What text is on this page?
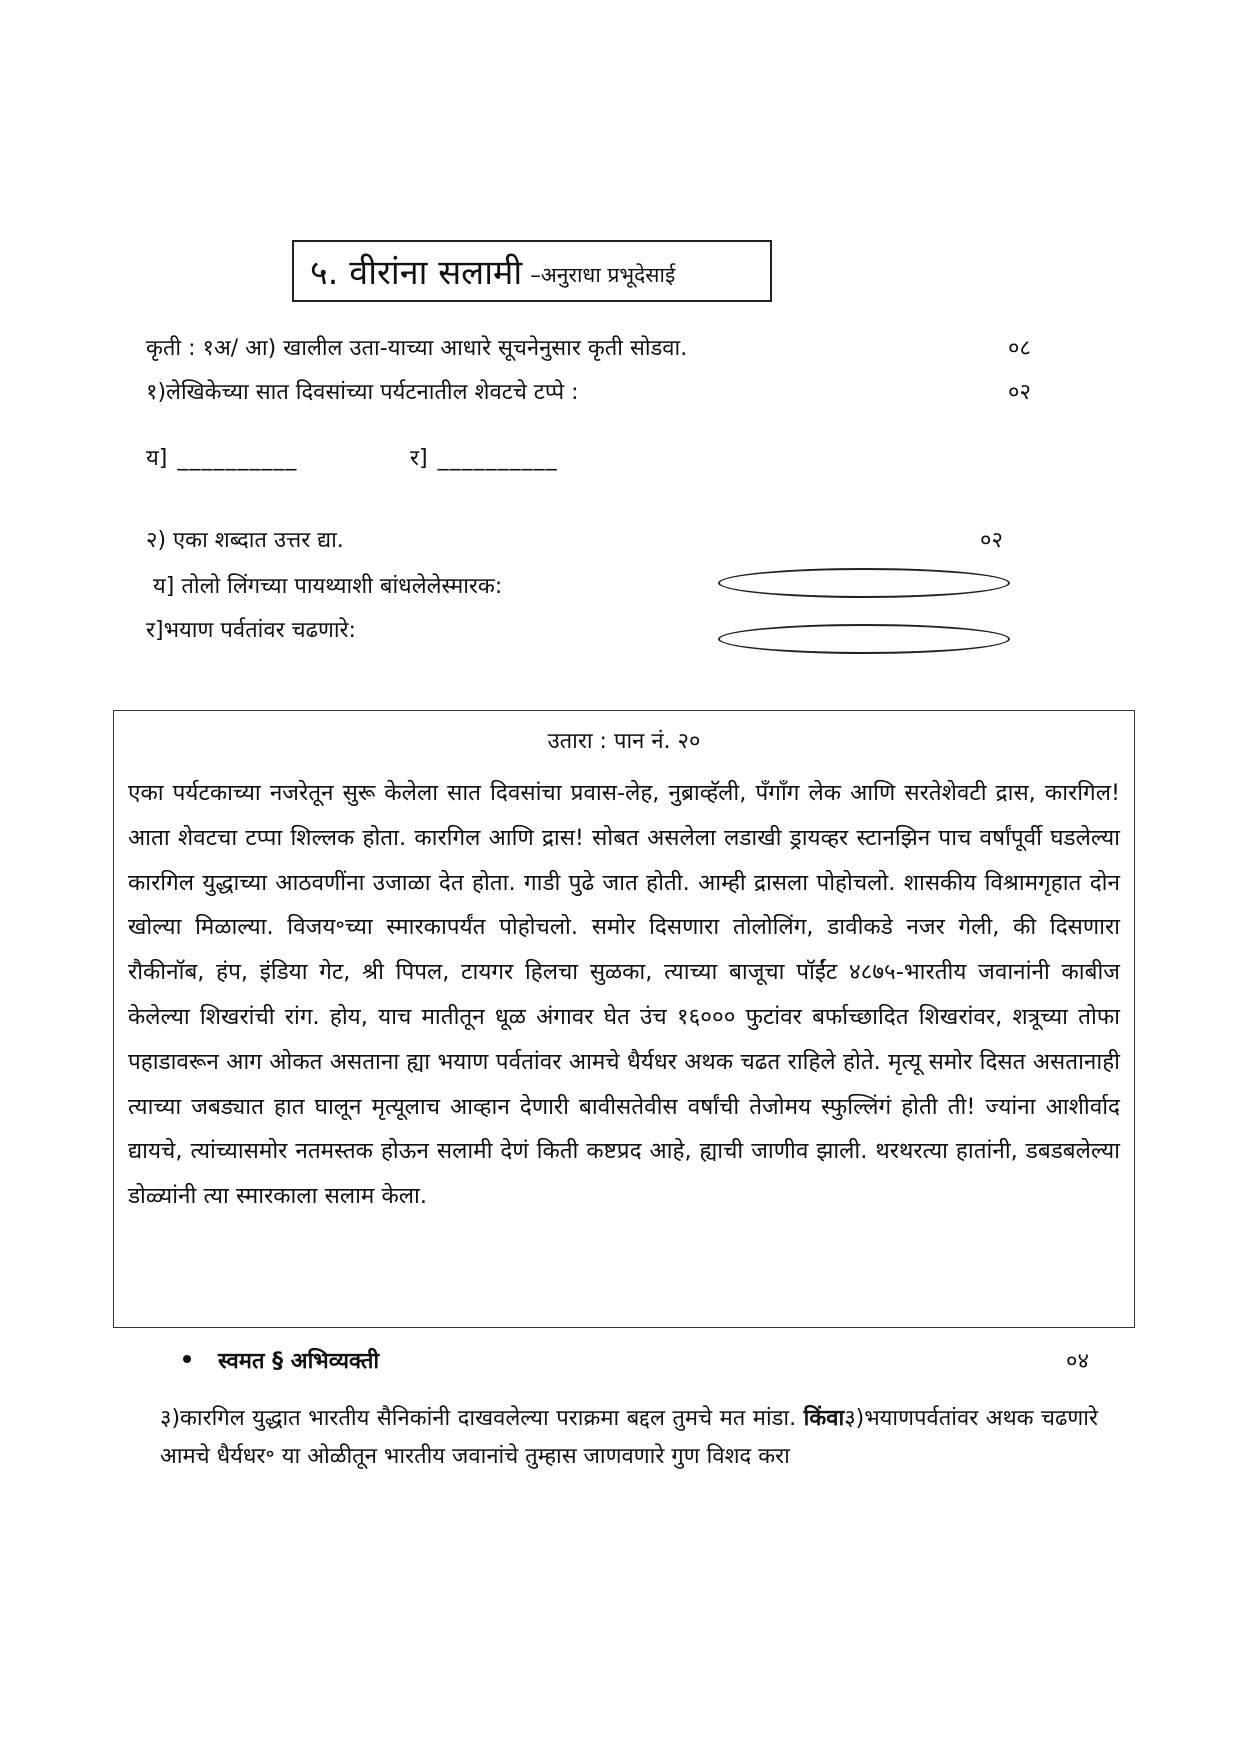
५. वीरांना सलामी –अनुराधा प्रभूदेसाई
कृती : १अ/ आ) खालील उता-याच्या आधारे सूचनेनुसार कृती सोडवा.	०८
१)लेखिकेच्या सात दिवसांच्या पर्यटनातील शेवटचे टप्पे :	०२
य] __________	र] __________
२) एका शब्दात उत्तर द्या.	०२
य] तोलो लिंगच्या पायथ्याशी बांधलेलेस्मारक:
र]भयाण पर्वतांवर चढणारे:
उतारा : पान नं. २०
एका पर्यटकाच्या नजरेतून सुरू केलेला सात दिवसांचा प्रवास-लेह, नुब्राव्हॅली, पँगाँग लेक आणि सरतेशेवटी द्रास, कारगिल! आता शेवटचा टप्पा शिल्लक होता. कारगिल आणि द्रास! सोबत असलेला लडाखी ड्रायव्हर स्टानझिन पाच वर्षांपूर्वी घडलेल्या कारगिल युद्धाच्या आठवणींना उजाळा देत होता. गाडी पुढे जात होती. आम्ही द्रासला पोहोचलो. शासकीय विश्रामगृहात दोन खोल्या मिळाल्या. विजय॰च्या स्मारकापर्यंत पोहोचलो. समोर दिसणारा तोलोलिंग, डावीकडे नजर गेली, की दिसणारा रौकीनॉब, हंप, इंडिया गेट, श्री पिपल, टायगर हिलचा सुळका, त्याच्या बाजूचा पॉईंट ४८७५-भारतीय जवानांनी काबीज केलेल्या शिखरांची रांग. होय, याच मातीतून धूळ अंगावर घेत उंच १६००० फुटांवर बर्फाच्छादित शिखरांवर, शत्रूच्या तोफा पहाडावरून आग ओकत असताना ह्या भयाण पर्वतांवर आमचे धैर्यधर अथक चढत राहिले होते. मृत्यू समोर दिसत असतानाही त्याच्या जबड्यात हात घालून मृत्यूलाच आव्हान देणारी बावीसतेवीस वर्षांची तेजोमय स्फुल्लिंगं होती ती! ज्यांना आशीर्वाद द्यायचे, त्यांच्यासमोर नतमस्तक होऊन सलामी देणं किती कष्टप्रद आहे, ह्याची जाणीव झाली. थरथरत्या हातांनी, डबडबलेल्या डोळ्यांनी त्या स्मारकाला सलाम केला.
स्वमत § अभिव्यक्ती	०४
३)कारगिल युद्धात भारतीय सैनिकांनी दाखवलेल्या पराक्रमा बद्दल तुमचे मत मांडा. किंवा३)भयाणपर्वतांवर अथक चढणारे आमचे धैर्यधर॰ या ओळीतून भारतीय जवानांचे तुम्हास जाणवणारे गुण विशद करा
